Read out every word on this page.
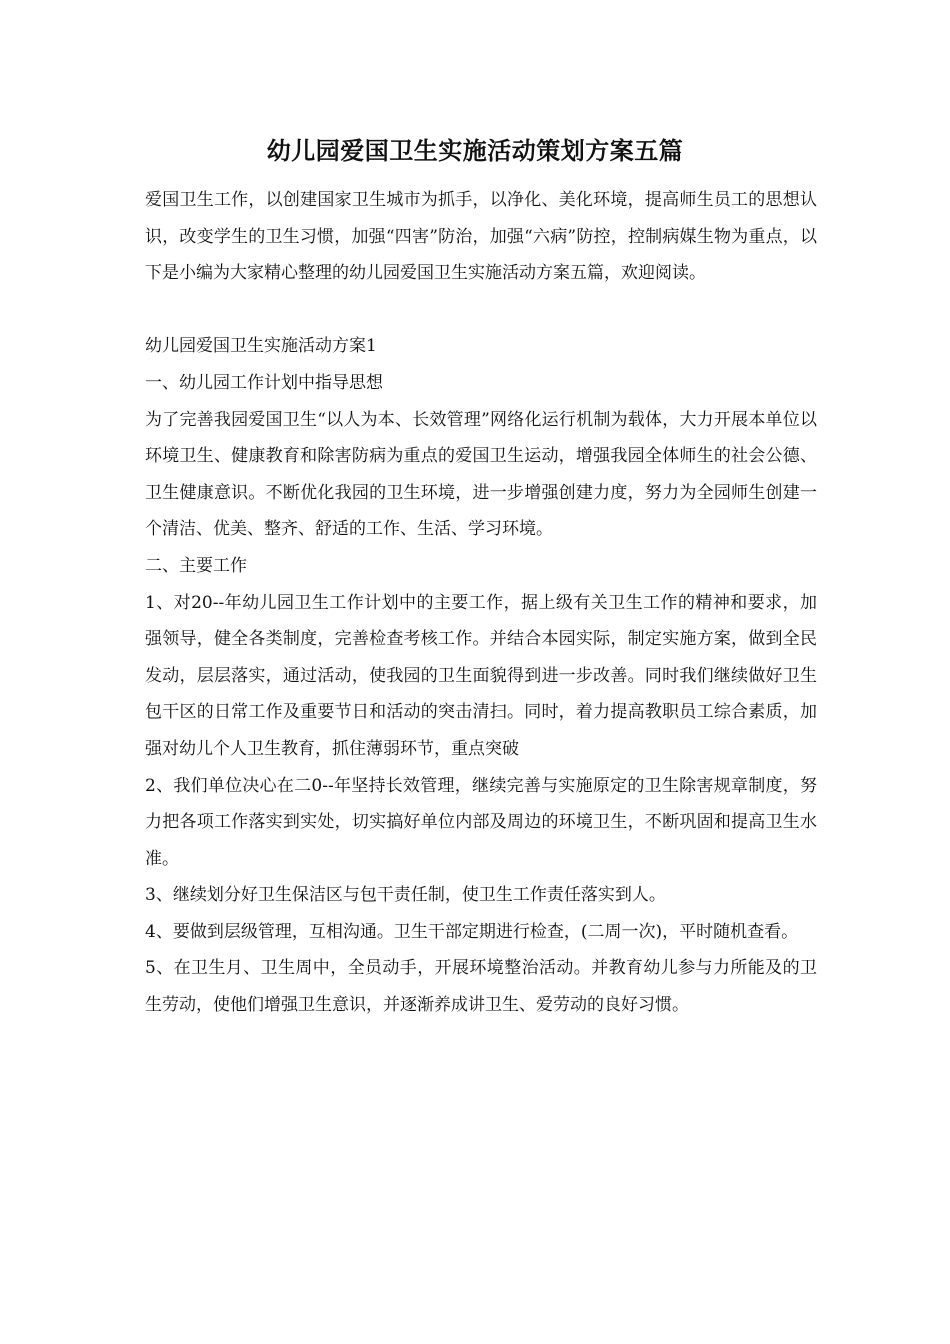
幼儿园爱国卫生实施活动策划方案五篇

爱国卫生工作，以创建国家卫生城市为抓手，以净化、美化环境，提高师生员工的思想认识，改变学生的卫生习惯，加强“四害”防治，加强“六病”防控，控制病媒生物为重点，以下是小编为大家精心整理的幼儿园爱国卫生实施活动方案五篇，欢迎阅读。

幼儿园爱国卫生实施活动方案1

一、幼儿园工作计划中指导思想

为了完善我园爱国卫生“以人为本、长效管理”网络化运行机制为载体，大力开展本单位以环境卫生、健康教育和除害防病为重点的爱国卫生运动，增强我园全体师生的社会公德、卫生健康意识。不断优化我园的卫生环境，进一步增强创建力度，努力为全园师生创建一个清洁、优美、整齐、舒适的工作、生活、学习环境。

二、主要工作

1、对20--年幼儿园卫生工作计划中的主要工作，据上级有关卫生工作的精神和要求，加强领导，健全各类制度，完善检查考核工作。并结合本园实际，制定实施方案，做到全民发动，层层落实，通过活动，使我园的卫生面貌得到进一步改善。同时我们继续做好卫生包干区的日常工作及重要节日和活动的突击清扫。同时，着力提高教职员工综合素质，加强对幼儿个人卫生教育，抓住薄弱环节，重点突破

2、我们单位决心在二0--年坚持长效管理，继续完善与实施原定的卫生除害规章制度，努力把各项工作落实到实处，切实搞好单位内部及周边的环境卫生，不断巩固和提高卫生水准。

3、继续划分好卫生保洁区与包干责任制，使卫生工作责任落实到人。

4、要做到层级管理，互相沟通。卫生干部定期进行检查，(二周一次)，平时随机查看。

5、在卫生月、卫生周中，全员动手，开展环境整治活动。并教育幼儿参与力所能及的卫生劳动，使他们增强卫生意识，并逐渐养成讲卫生、爱劳动的良好习惯。
